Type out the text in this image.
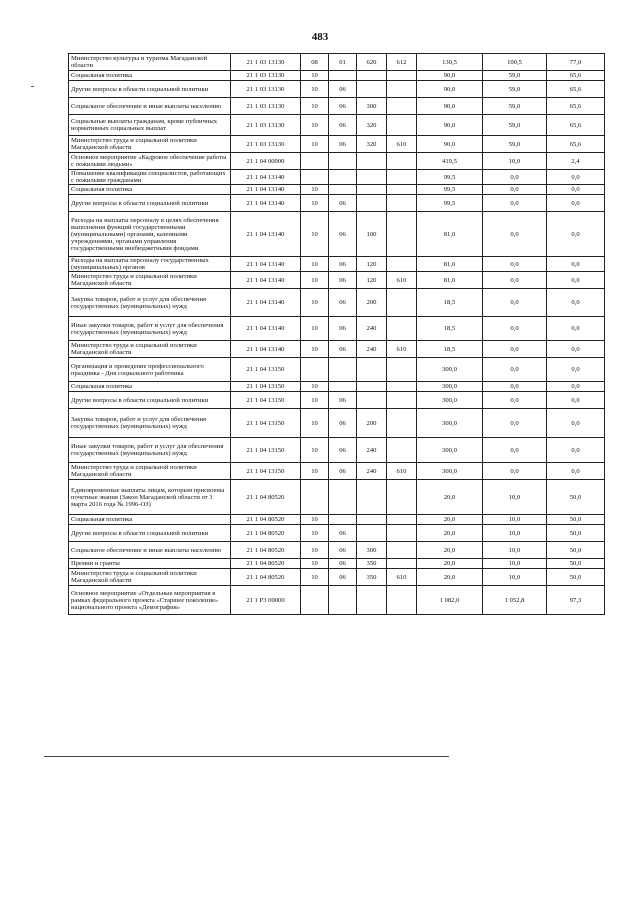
483
Министерство культуры и туризма Магаданской области	21 1 03 13130	08	01	620	612	130,5	100,5	77,0
Социальная политика	21 1 03 13130	10				90,0	59,0	65,6
Другие вопросы в области социальной политики	21 1 03 13130	10	06			90,0	59,0	65,6
Социальное обеспечение и иные выплаты населению	21 1 03 13130	10	06	300		90,0	59,0	65,6
Социальные выплаты гражданам, кроме публичных нормативных социальных выплат	21 1 03 13130	10	06	320		90,0	59,0	65,6
Министерство труда и социальной политики Магаданской области	21 1 03 13130	10	06	320	610	90,0	59,0	65,6
Основное мероприятие «Кадровое обеспечение работы с пожилыми людьми»	21 1 04 00000					419,5	10,0	2,4
Повышение квалификации специалистов, работающих с пожилыми гражданами	21 1 04 13140					99,5	0,0	0,0
Социальная политика	21 1 04 13140	10				99,5	0,0	0,0
Другие вопросы в области социальной политики	21 1 04 13140	10	06			99,5	0,0	0,0
Расходы на выплаты персоналу в целях обеспечения выполнения функций государственными (муниципальными) органами, казенными учреждениями, органами управления государственными внебюджетными фондами	21 1 04 13140	10	06	100		81,0	0,0	0,0
Расходы на выплаты персоналу государственных (муниципальных) органов	21 1 04 13140	10	06	120		81,0	0,0	0,0
Министерство труда и социальной политики Магаданской области	21 1 04 13140	10	06	120	610	81,0	0,0	0,0
Закупка товаров, работ и услуг для обеспечения государственных (муниципальных) нужд	21 1 04 13140	10	06	200		18,5	0,0	0,0
Иные закупки товаров, работ и услуг для обеспечения государственных (муниципальных) нужд	21 1 04 13140	10	06	240		18,5	0,0	0,0
Министерство труда и социальной политики Магаданской области	21 1 04 13140	10	06	240	610	18,5	0,0	0,0
Организация и проведение профессионального праздника - Дня социального работника	21 1 04 13150					300,0	0,0	0,0
Социальная политика	21 1 04 13150	10				300,0	0,0	0,0
Другие вопросы в области социальной политики	21 1 04 13150	10	06			300,0	0,0	0,0
Закупка товаров, работ и услуг для обеспечения государственных (муниципальных) нужд	21 1 04 13150	10	06	200		300,0	0,0	0,0
Иные закупки товаров, работ и услуг для обеспечения государственных (муниципальных) нужд	21 1 04 13150	10	06	240		300,0	0,0	0,0
Министерство труда и социальной политики Магаданской области	21 1 04 13150	10	06	240	610	300,0	0,0	0,0
Единовременные выплаты лицам, которым присвоены почетные звания (Закон Магаданской области от 3 марта 2016 года № 1996-ОЗ)	21 1 04 80520					20,0	10,0	50,0
Социальная политика	21 1 04 80520	10				20,0	10,0	50,0
Другие вопросы в области социальной политики	21 1 04 80520	10	06			20,0	10,0	50,0
Социальное обеспечение и иные выплаты населению	21 1 04 80520	10	06	300		20,0	10,0	50,0
Премии и гранты	21 1 04 80520	10	06	350		20,0	10,0	50,0
Министерство труда и социальной политики Магаданской области	21 1 04 80520	10	06	350	610	20,0	10,0	50,0
Основное мероприятие «Отдельные мероприятия в рамках федерального проекта «Старшее поколение» национального проекта «Демография»	21 1 P3 00000					1 082,0	1 052,8	97,3
